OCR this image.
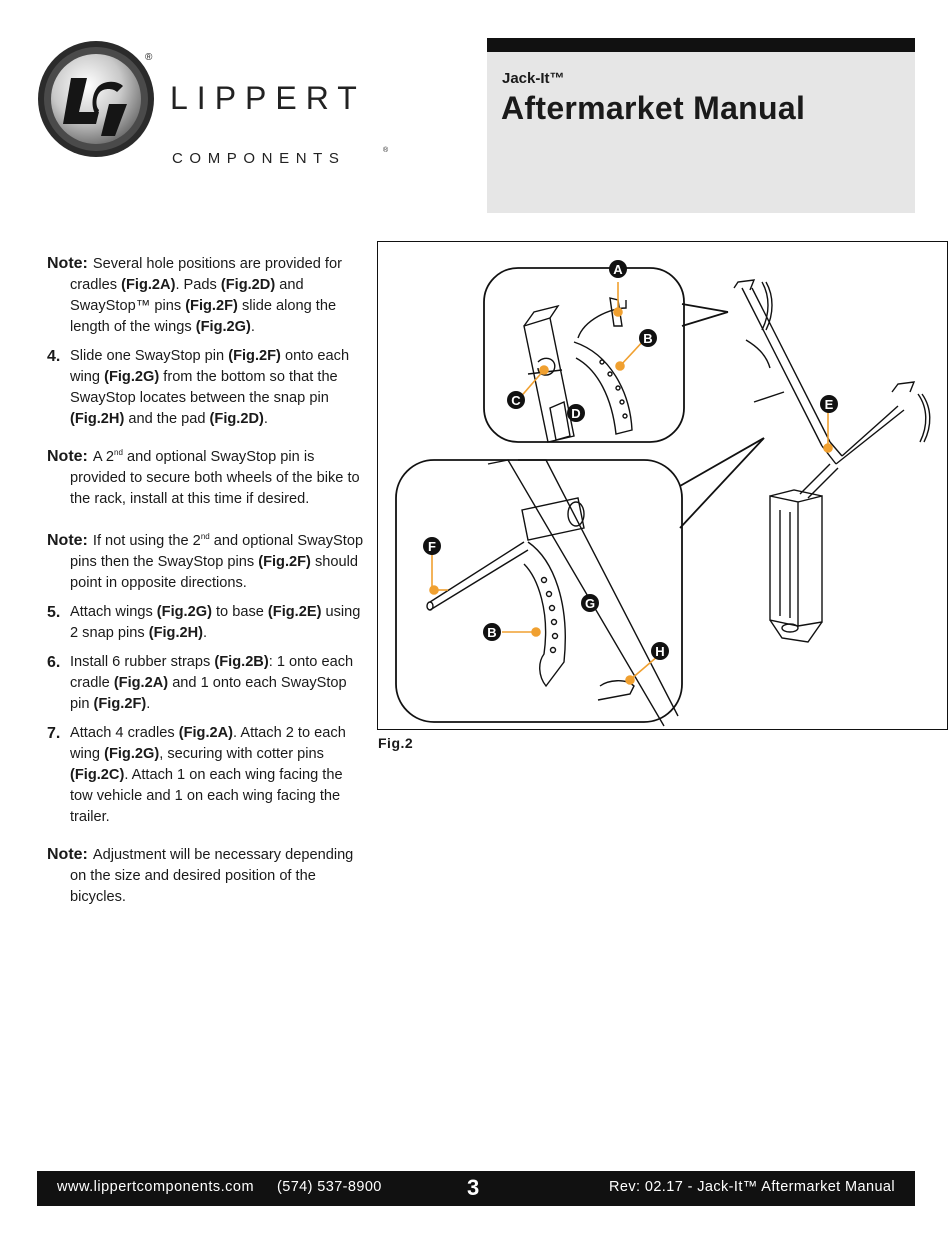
®
LIPPERT
COMPONENTS	®
Jack-It™
Aftermarket Manual

Note: Several hole positions are provided for cradles (Fig.2A). Pads (Fig.2D) and SwayStop™ pins (Fig.2F) slide along the length of the wings (Fig.2G).

4. Slide one SwayStop pin (Fig.2F) onto each wing (Fig.2G) from the bottom so that the SwayStop locates between the snap pin (Fig.2H) and the pad (Fig.2D).

Note: A 2nd and optional SwayStop pin is provided to secure both wheels of the bike to the rack, install at this time if desired.

Note: If not using the 2nd and optional SwayStop pins then the SwayStop pins (Fig.2F) should point in opposite directions.

5. Attach wings (Fig.2G) to base (Fig.2E) using 2 snap pins (Fig.2H).

6. Install 6 rubber straps (Fig.2B): 1 onto each cradle (Fig.2A) and 1 onto each SwayStop pin (Fig.2F).

7. Attach 4 cradles (Fig.2A). Attach 2 to each wing (Fig.2G), securing with cotter pins (Fig.2C). Attach 1 on each wing facing the tow vehicle and 1 on each wing facing the trailer.

Note: Adjustment will be necessary depending on the size and desired position of the bicycles.

A
B
C
D
E
F
G
B
H
Fig.2
www.lippertcomponents.com (574) 537-8900	3	Rev: 02.17 - Jack-It™ Aftermarket Manual
